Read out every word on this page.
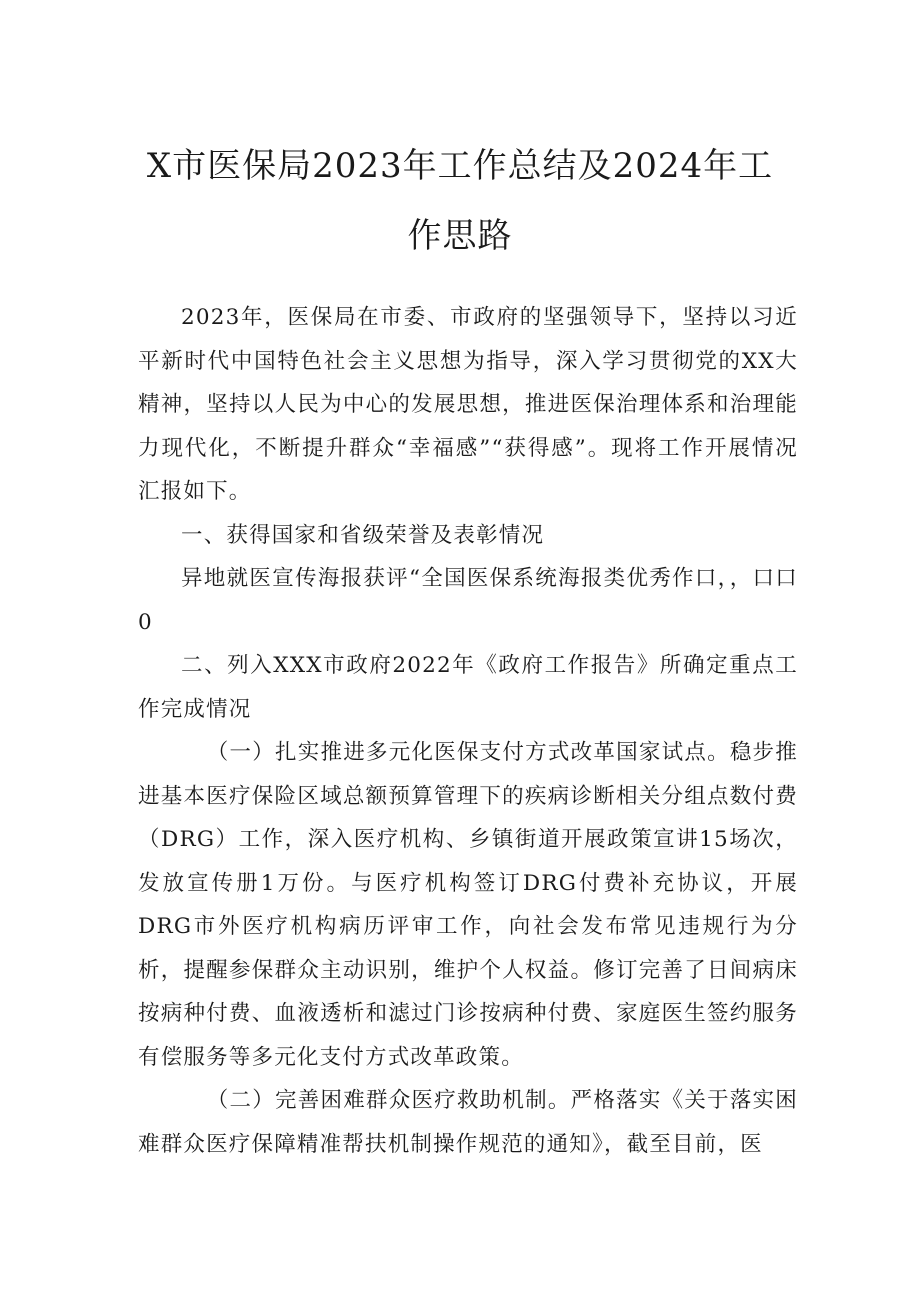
X市医保局2023年工作总结及2024年工
作思路

2023年，医保局在市委、市政府的坚强领导下，坚持以习近平新时代中国特色社会主义思想为指导，深入学习贯彻党的XX大精神，坚持以人民为中心的发展思想，推进医保治理体系和治理能力现代化，不断提升群众“幸福感”“获得感”。现将工作开展情况汇报如下。

一、获得国家和省级荣誉及表彰情况

异地就医宣传海报获评“全国医保系统海报类优秀作口，，口口0

二、列入XXX市政府2022年《政府工作报告》所确定重点工作完成情况

（一）扎实推进多元化医保支付方式改革国家试点。稳步推进基本医疗保险区域总额预算管理下的疾病诊断相关分组点数付费（DRG）工作，深入医疗机构、乡镇街道开展政策宣讲15场次，发放宣传册1万份。与医疗机构签订DRG付费补充协议，开展DRG市外医疗机构病历评审工作，向社会发布常见违规行为分析，提醒参保群众主动识别，维护个人权益。修订完善了日间病床按病种付费、血液透析和滤过门诊按病种付费、家庭医生签约服务有偿服务等多元化支付方式改革政策。

（二）完善困难群众医疗救助机制。严格落实《关于落实困难群众医疗保障精准帮扶机制操作规范的通知》，截至目前，医
